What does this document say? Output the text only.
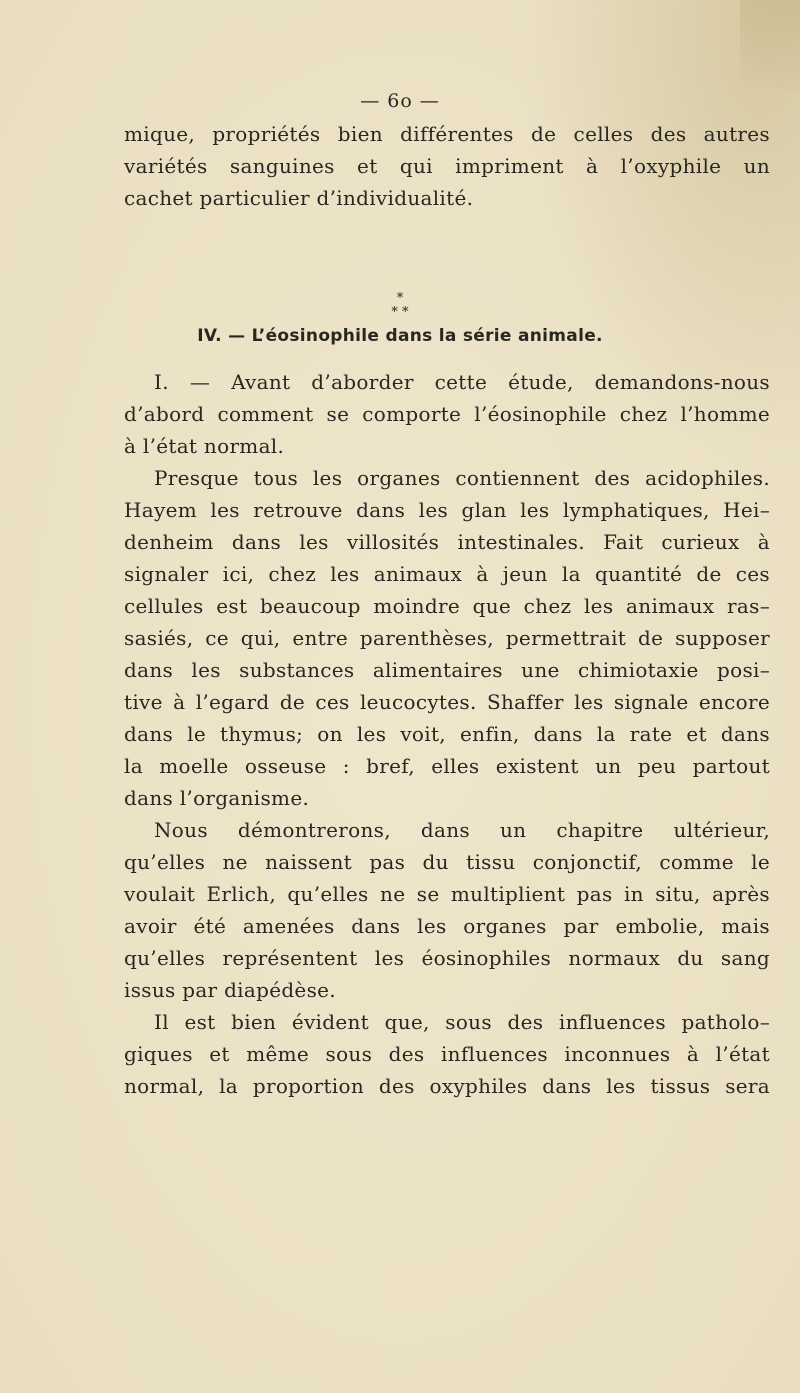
— 6o —
mique, propriétés bien différentes de celles des autres
variétés sanguines et qui impriment à l’oxyphile un
cachet particulier d’individualité.
*
* *
IV. — L’éosinophile dans la série animale.
I. — Avant d’aborder cette étude, demandons-nous
d’abord comment se comporte l’éosinophile chez l’homme
à l’état normal.
Presque tous les organes contiennent des acidophiles.
Hayem les retrouve dans les glan les lymphatiques, Hei–
denheim dans les villosités intestinales. Fait curieux à
signaler ici, chez les animaux à jeun la quantité de ces
cellules est beaucoup moindre que chez les animaux ras–
sasiés, ce qui, entre parenthèses, permettrait de supposer
dans les substances alimentaires une chimiotaxie posi–
tive à l’egard de ces leucocytes. Shaffer les signale encore
dans le thymus; on les voit, enfin, dans la rate et dans
la moelle osseuse : bref, elles existent un peu partout
dans l’organisme.
Nous démontrerons, dans un chapitre ultérieur,
qu’elles ne naissent pas du tissu conjonctif, comme le
voulait Erlich, qu’elles ne se multiplient pas in situ, après
avoir été amenées dans les organes par embolie, mais
qu’elles représentent les éosinophiles normaux du sang
issus par diapédèse.
Il est bien évident que, sous des influences patholo–
giques et même sous des influences inconnues à l’état
normal, la proportion des oxyphiles dans les tissus sera
